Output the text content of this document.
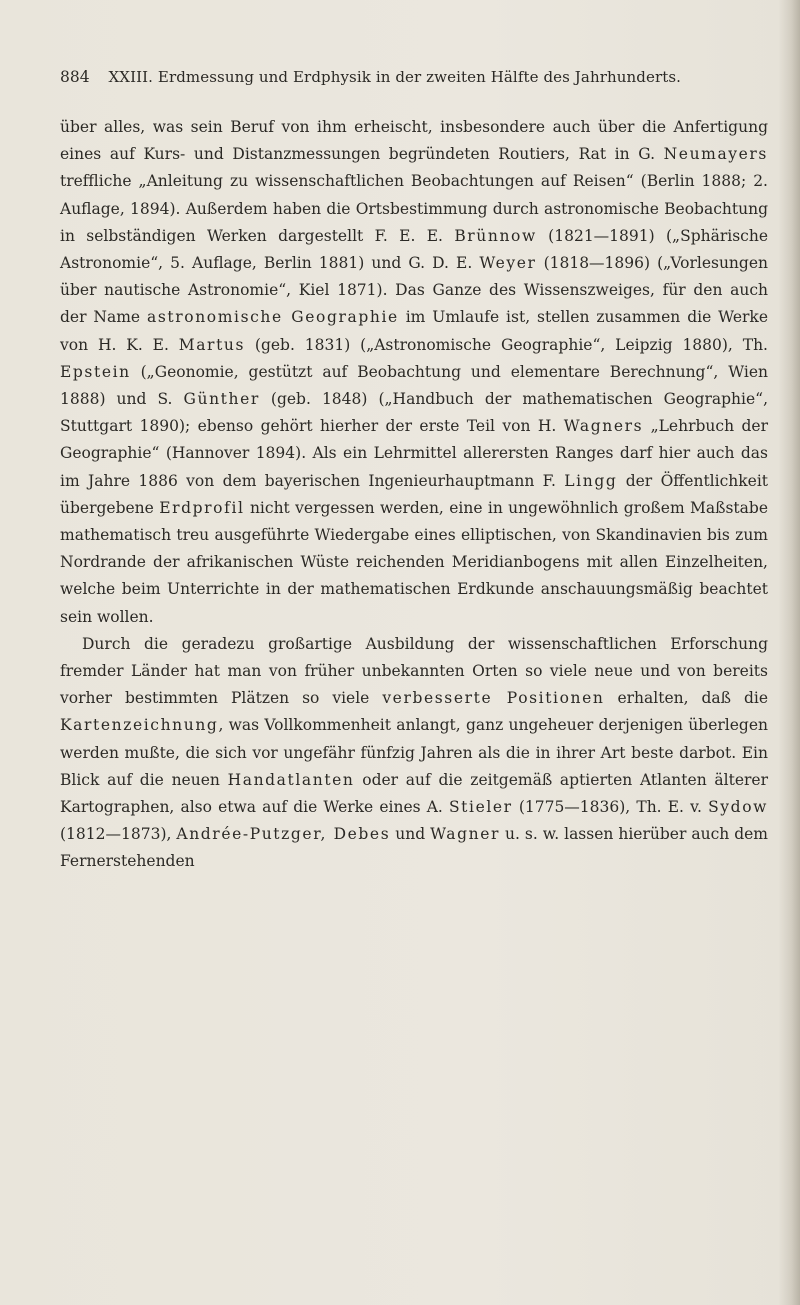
884 XXIII. Erdmessung und Erdphysik in der zweiten Hälfte des Jahrhunderts.

über alles, was sein Beruf von ihm erheischt, insbesondere auch über die Anfertigung eines auf Kurs- und Distanzmessungen begründeten Routiers, Rat in G. Neumayers treffliche „Anleitung zu wissenschaftlichen Beobachtungen auf Reisen“ (Berlin 1888; 2. Auflage, 1894). Außerdem haben die Ortsbestimmung durch astronomische Beobachtung in selbständigen Werken dargestellt F. E. E. Brünnow (1821—1891) („Sphärische Astronomie“, 5. Auflage, Berlin 1881) und G. D. E. Weyer (1818—1896) („Vorlesungen über nautische Astronomie“, Kiel 1871). Das Ganze des Wissenszweiges, für den auch der Name astronomische Geographie im Umlaufe ist, stellen zusammen die Werke von H. K. E. Martus (geb. 1831) („Astronomische Geographie“, Leipzig 1880), Th. Epstein („Geonomie, gestützt auf Beobachtung und elementare Berechnung“, Wien 1888) und S. Günther (geb. 1848) („Handbuch der mathematischen Geographie“, Stuttgart 1890); ebenso gehört hierher der erste Teil von H. Wagners „Lehrbuch der Geographie“ (Hannover 1894). Als ein Lehrmittel allerersten Ranges darf hier auch das im Jahre 1886 von dem bayerischen Ingenieurhauptmann F. Lingg der Öffentlichkeit übergebene Erdprofil nicht vergessen werden, eine in ungewöhnlich großem Maßstabe mathematisch treu ausgeführte Wiedergabe eines elliptischen, von Skandinavien bis zum Nordrande der afrikanischen Wüste reichenden Meridianbogens mit allen Einzelheiten, welche beim Unterrichte in der mathematischen Erdkunde anschauungsmäßig beachtet sein wollen.

Durch die geradezu großartige Ausbildung der wissenschaftlichen Erforschung fremder Länder hat man von früher unbekannten Orten so viele neue und von bereits vorher bestimmten Plätzen so viele verbesserte Positionen erhalten, daß die Kartenzeichnung, was Vollkommenheit anlangt, ganz ungeheuer derjenigen überlegen werden mußte, die sich vor ungefähr fünfzig Jahren als die in ihrer Art beste darbot. Ein Blick auf die neuen Handatlanten oder auf die zeitgemäß aptierten Atlanten älterer Kartographen, also etwa auf die Werke eines A. Stieler (1775—1836), Th. E. v. Sydow (1812—1873), Andrée-Putzger, Debes und Wagner u. s. w. lassen hierüber auch dem Fernerstehenden
